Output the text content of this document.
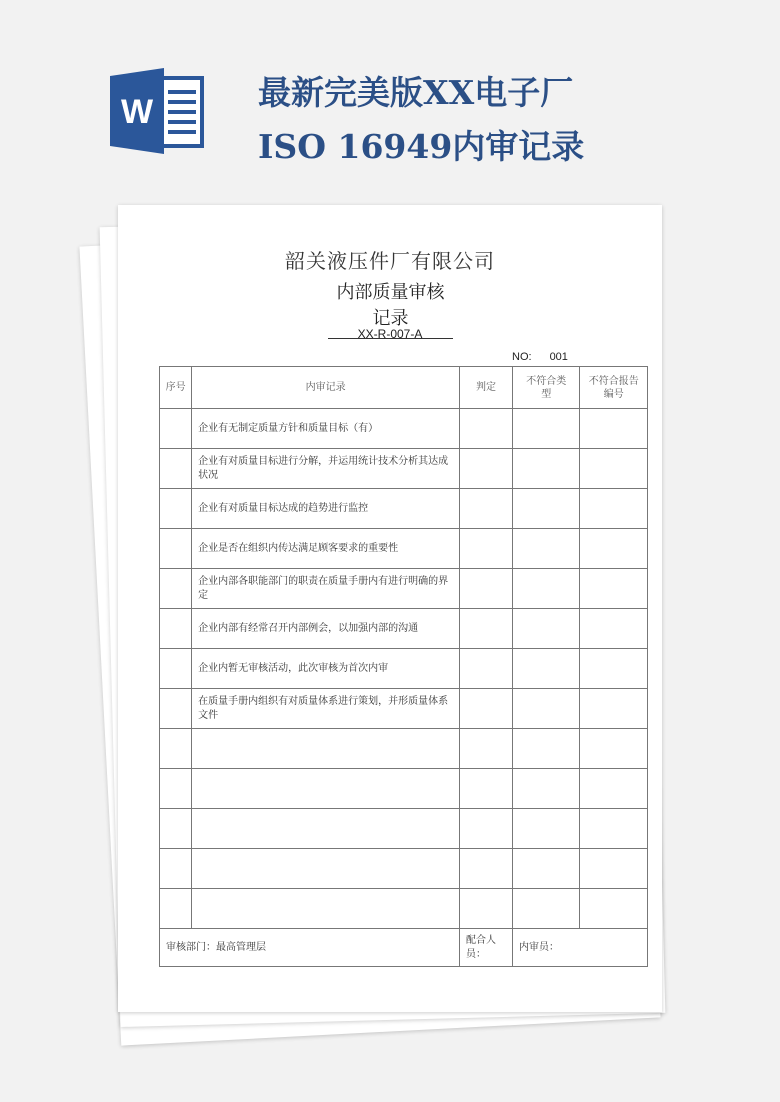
W	最新完美版XX电子厂ISO 16949内审记录
韶关液压件厂有限公司
内部质量审核记录
XX-R-007-A
NO: 001
序号	内审记录	判定	不符合类 型	不符合报告编号
	企业有无制定质量方针和质量目标（有）			
	企业有对质量目标进行分解，并运用统计技术分析其达成状况			
	企业有对质量目标达成的趋势进行监控			
	企业是否在组织内传达满足顾客要求的重要性			
	企业内部各职能部门的职责在质量手册内有进行明确的界定			
	企业内部有经常召开内部例会，以加强内部的沟通			
	企业内暂无审核活动，此次审核为首次内审			
	在质量手册内组织有对质量体系进行策划，并形质量体系文件			

审核部门：最高管理层		配合人员：	内审员：	
